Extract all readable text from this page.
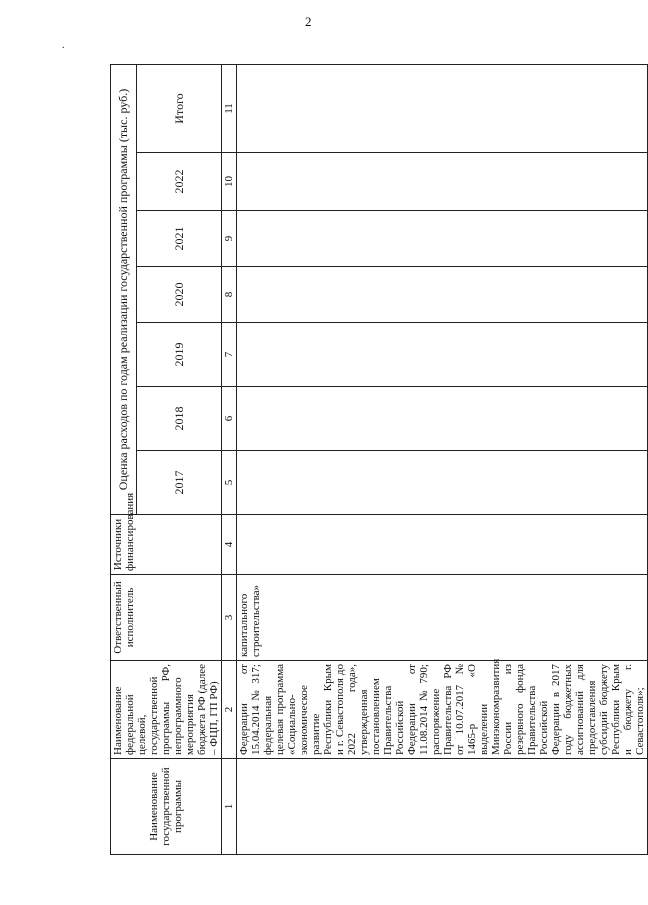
2
.
Наименование государственной программы	Наименование федеральной целевой, государственной программы РФ, непрограммного мероприятия бюджета РФ (далее – ФЦП, ГП РФ)	Ответственный исполнитель	Источники финансирования	Оценка расходов по годам реализации государственной программы (тыс. руб.)						
				2017	2018	2019	2020	2021	2022	Итого
1	2	3	4	5	6	7	8	9	10	11
	Федерации от 15.04.2014 № 317; федеральная целевая программа «Социально-экономическое развитие Республики Крым и г. Севастополя до 2022 года», утвержденная постановлением Правительства Российской Федерации от 11.08.2014 № 790; распоряжение Правительства РФ от 10.07.2017 № 1465-р «О выделении Минэкономразвития России из резервного фонда Правительства Российской Федерации в 2017 году бюджетных ассигнований для предоставления субсидий бюджету Республики Крым и бюджету г. Севастополя»;	капитального строительства»								
